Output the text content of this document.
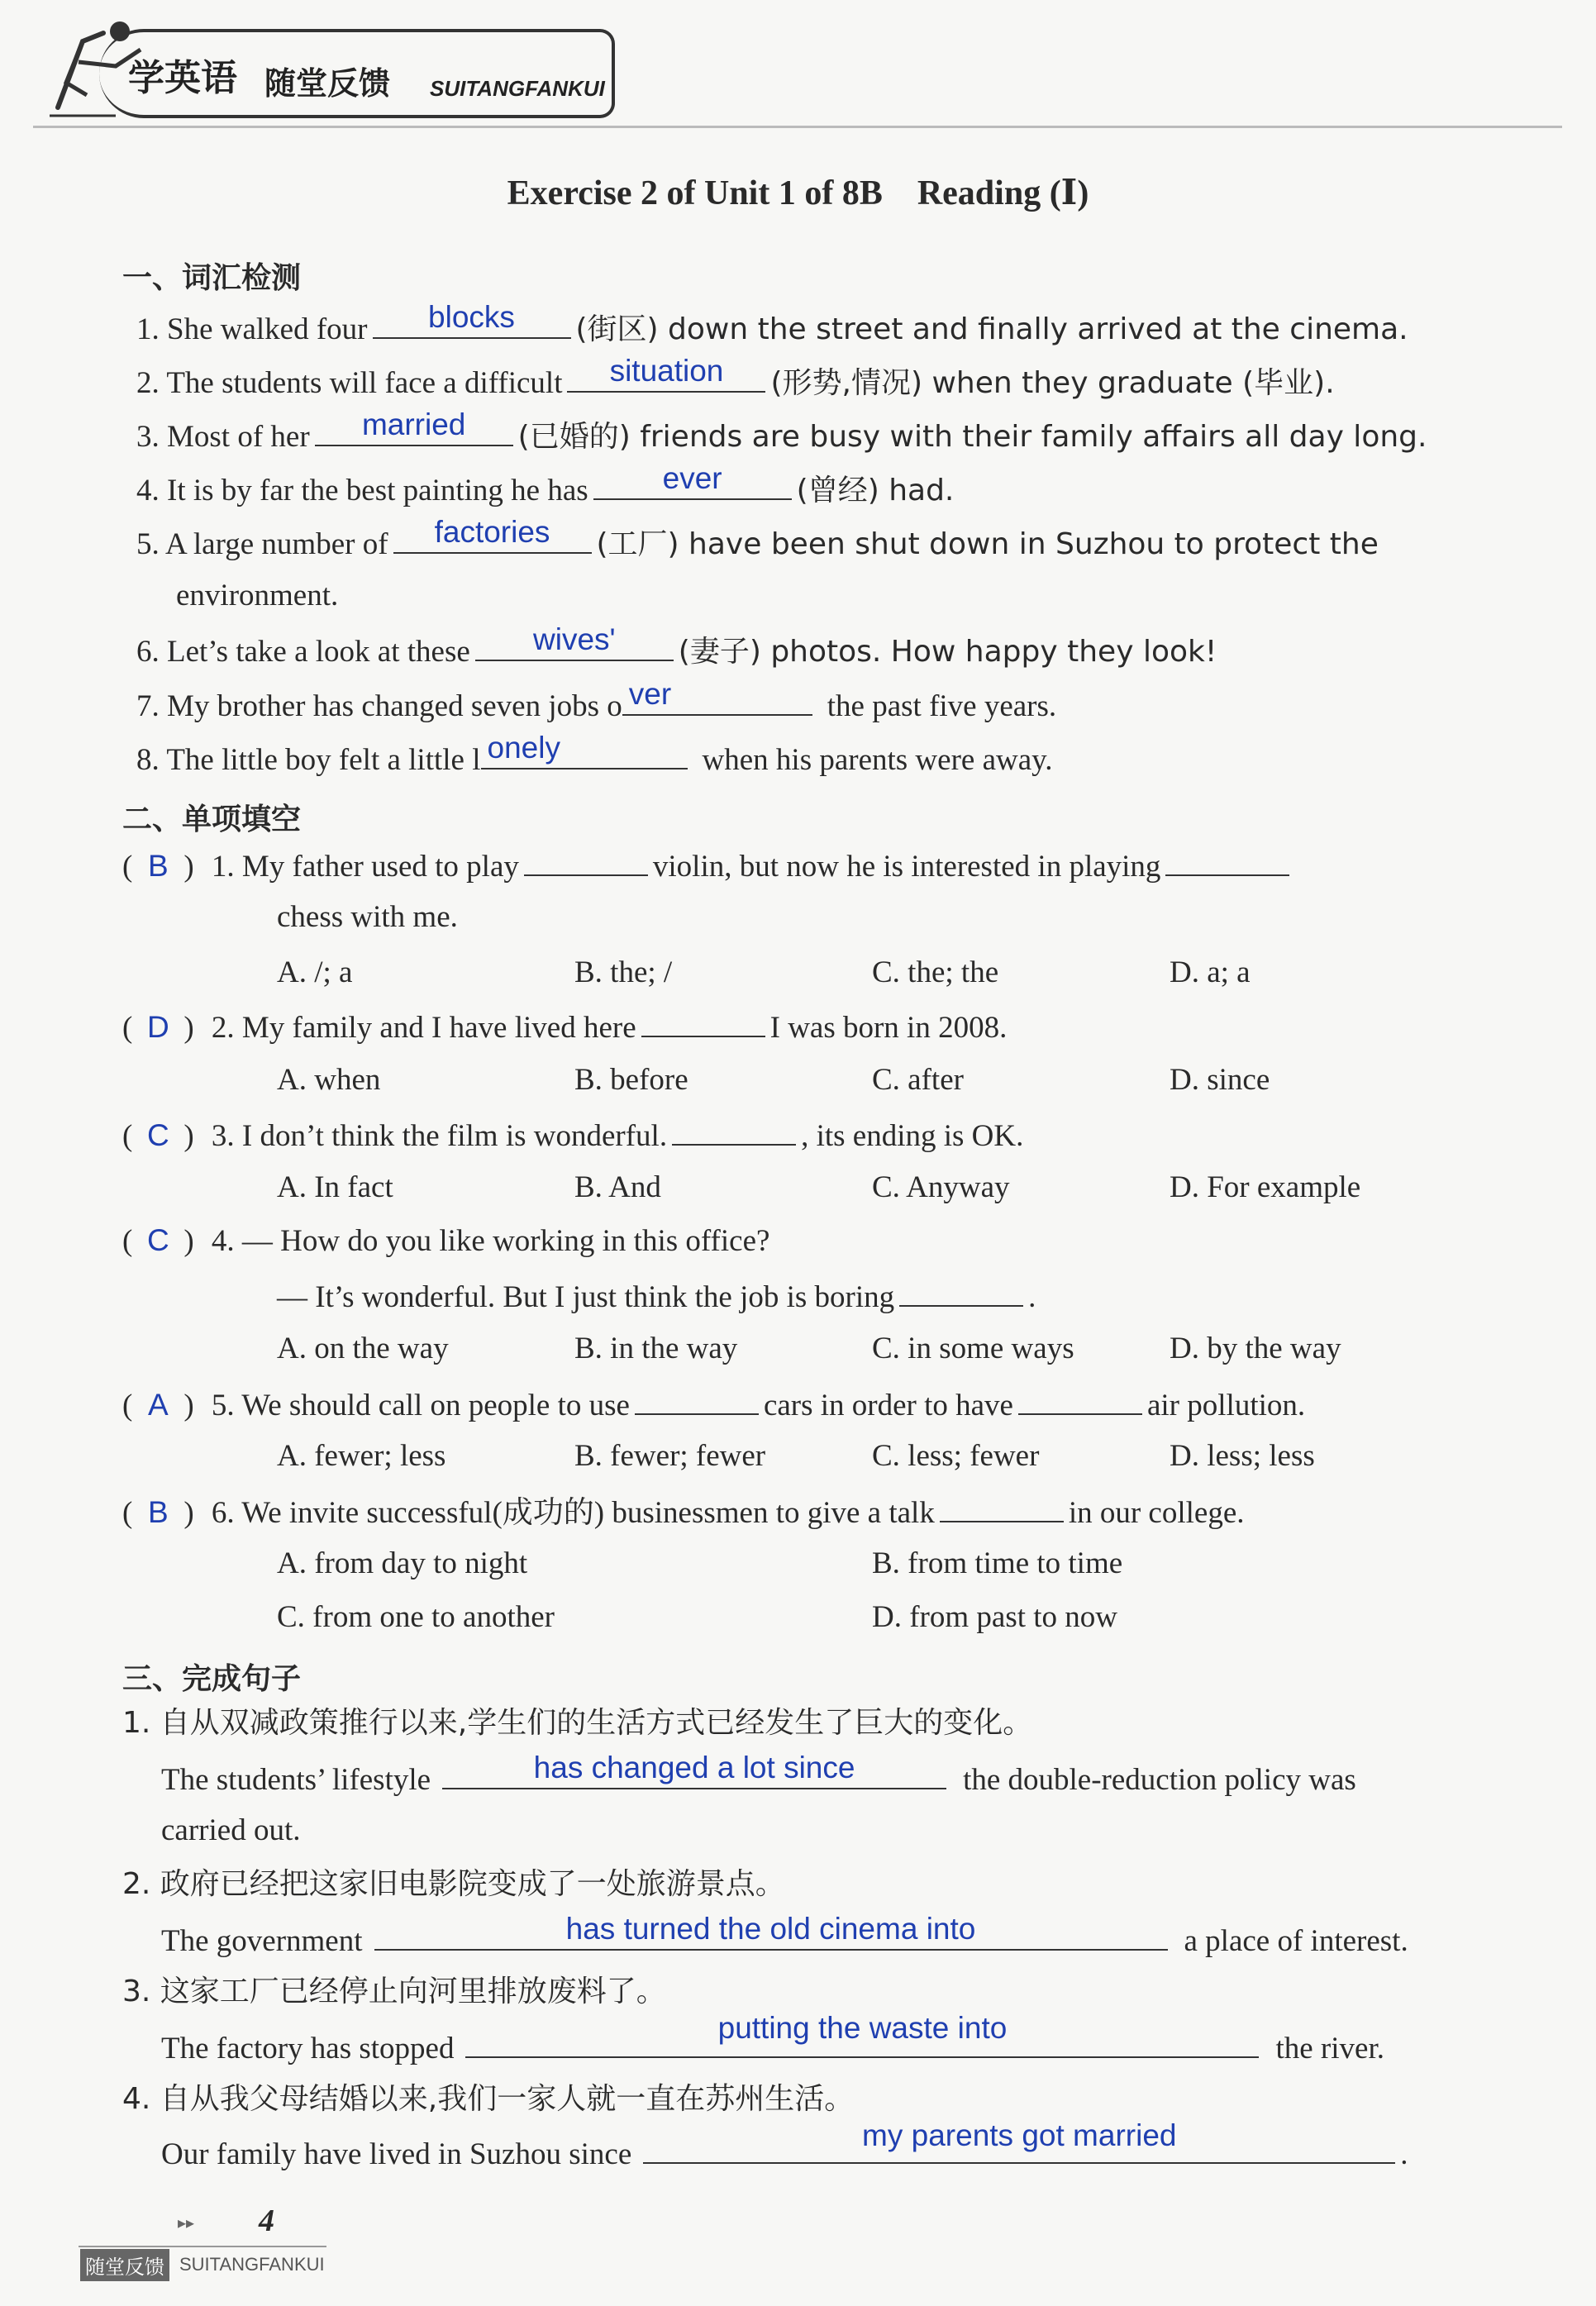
学英语 随堂反馈 SUITANGFANKUI
Exercise 2 of Unit 1 of 8B　Reading (Ⅰ)
一、词汇检测
1. She walked four	blocks	(街区) down the street and finally arrived at the cinema.
2. The students will face a difficult	situation	(形势,情况) when they graduate (毕业).
3. Most of her	married	(已婚的) friends are busy with their family affairs all day long.
4. It is by far the best painting he has	ever	(曾经) had.
5. A large number of	factories	(工厂) have been shut down in Suzhou to protect the
environment.
6. Let’s take a look at these	wives'	(妻子) photos. How happy they look!
7. My brother has changed seven jobs o ver	the past five years.
8. The little boy felt a little l onely	when his parents were away.
二、单项填空
( B ) 1. My father used to play	violin, but now he is interested in playing
chess with me.
A. /; a	B. the; /	C. the; the	D. a; a
( D ) 2. My family and I have lived here	I was born in 2008.
A. when	B. before	C. after	D. since
( C ) 3. I don’t think the film is wonderful.	, its ending is OK.
A. In fact	B. And	C. Anyway	D. For example
( C ) 4. — How do you like working in this office?
— It’s wonderful. But I just think the job is boring	.
A. on the way	B. in the way	C. in some ways	D. by the way
( A ) 5. We should call on people to use	cars in order to have	air pollution.
A. fewer; less	B. fewer; fewer	C. less; fewer	D. less; less
( B ) 6. We invite successful(成功的) businessmen to give a talk	in our college.
A. from day to night	B. from time to time
C. from one to another	D. from past to now
三、完成句子
1. 自从双减政策推行以来,学生们的生活方式已经发生了巨大的变化。
The students’ lifestyle	has changed a lot since	the double-reduction policy was
carried out.
2. 政府已经把这家旧电影院变成了一处旅游景点。
The government	has turned the old cinema into	a place of interest.
3. 这家工厂已经停止向河里排放废料了。
The factory has stopped
putting the waste into
the river.
4. 自从我父母结婚以来,我们一家人就一直在苏州生活。
Our family have lived in Suzhou since
my parents got married
.
▸▸ 4
随堂反馈 SUITANGFANKUI
